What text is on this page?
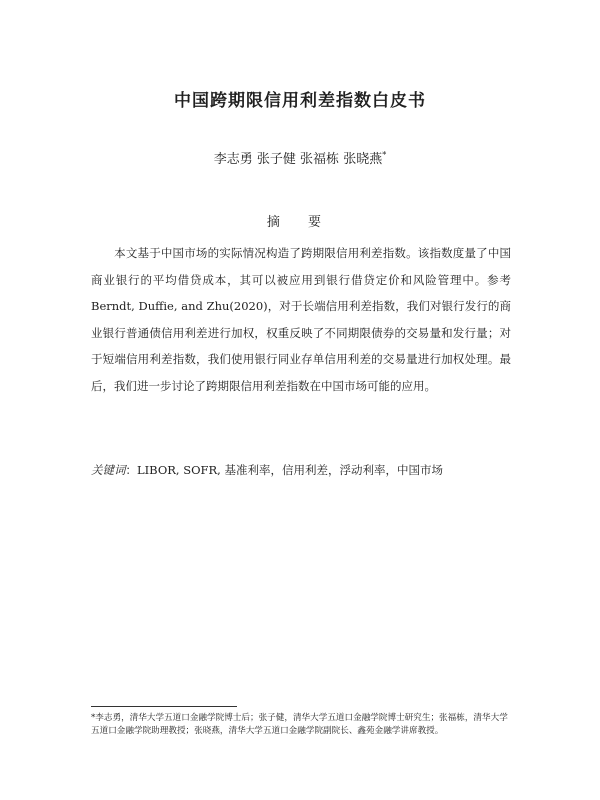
中国跨期限信用利差指数白皮书
李志勇 张子健 张福栋 张晓燕*
摘 要

本文基于中国市场的实际情况构造了跨期限信用利差指数。该指数度量了中国商业银行的平均借贷成本，其可以被应用到银行借贷定价和风险管理中。参考Berndt, Duffie, and Zhu(2020)，对于长端信用利差指数，我们对银行发行的商业银行普通债信用利差进行加权，权重反映了不同期限债券的交易量和发行量；对于短端信用利差指数，我们使用银行同业存单信用利差的交易量进行加权处理。最后，我们进一步讨论了跨期限信用利差指数在中国市场可能的应用。

关键词：LIBOR, SOFR, 基准利率，信用利差，浮动利率，中国市场
*李志勇，清华大学五道口金融学院博士后；张子健，清华大学五道口金融学院博士研究生；张福栋，清华大学五道口金融学院助理教授；张晓燕，清华大学五道口金融学院副院长、鑫苑金融学讲席教授。
